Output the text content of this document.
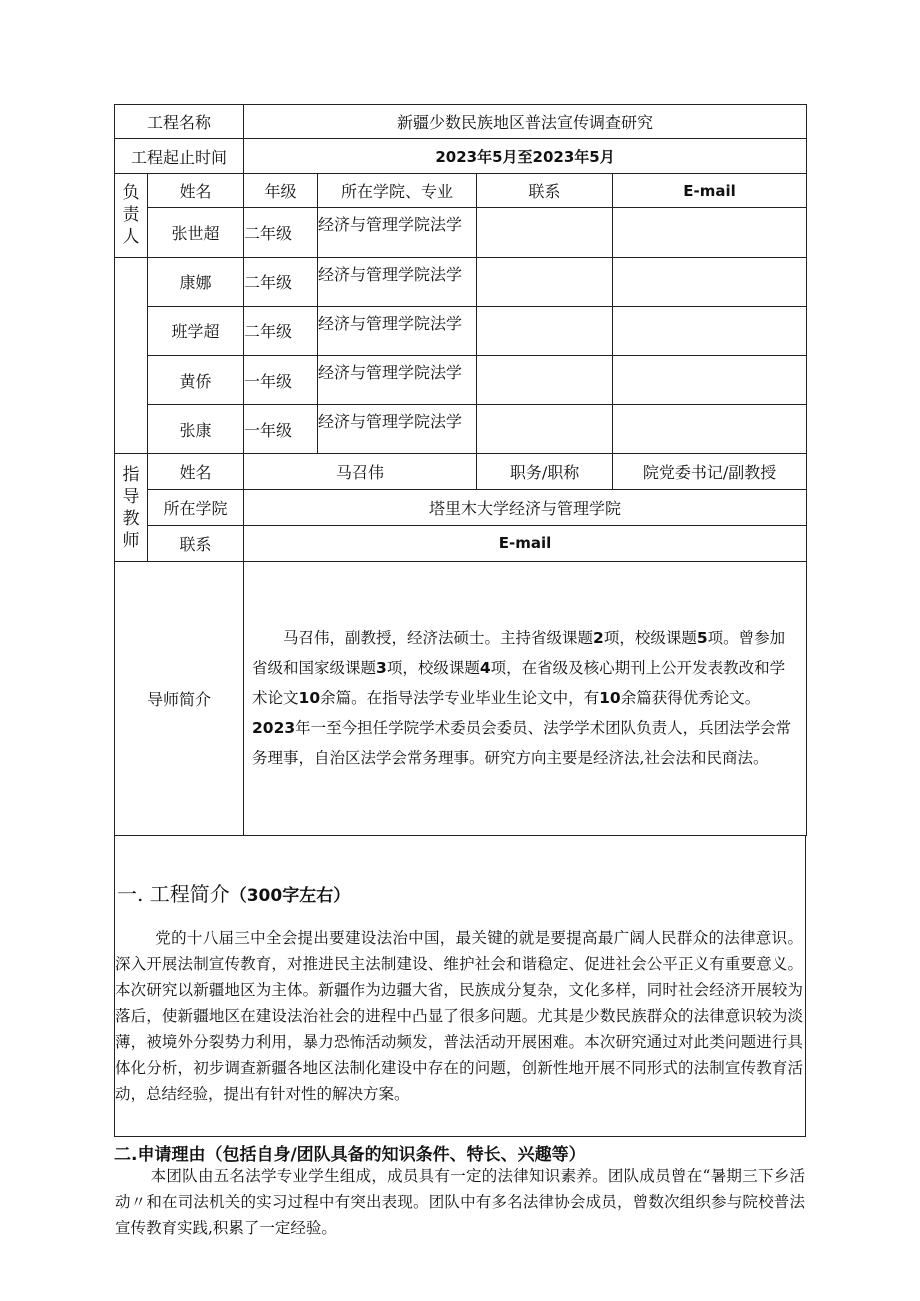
工程名称		新疆少数民族地区普法宣传调查研究			
工程起止时间		2023年5月至2023年5月			
负
责
人	姓名	年级	所在学院、专业	联系	E-mail
	张世超	二年级	经济与管理学院法学		
	康娜	二年级	经济与管理学院法学		
	班学超	二年级	经济与管理学院法学		
	黄侨	一年级	经济与管理学院法学		
	张康	一年级	经济与管理学院法学		
指
导
教
师	姓名	马召伟		职务/职称	院党委书记/副教授
	所在学院	塔里木大学经济与管理学院			
	联系	E-mail			
导师简介		马召伟，副教授，经济法硕士。主持省级课题2项，校级课题5项。曾参加省级和国家级课题3项，校级课题4项，在省级及核心期刊上公开发表教改和学术论文10余篇。在指导法学专业毕业生论文中，有10余篇获得优秀论文。2023年一至今担任学院学术委员会委员、法学学术团队负责人，兵团法学会常务理事，自治区法学会常务理事。研究方向主要是经济法,社会法和民商法。			
一. 工程简介（300字左右）
党的十八届三中全会提出要建设法治中国，最关键的就是要提高最广阔人民群众的法律意识。深入开展法制宣传教育，对推进民主法制建设、维护社会和谐稳定、促进社会公平正义有重要意义。本次研究以新疆地区为主体。新疆作为边疆大省，民族成分复杂，文化多样，同时社会经济开展较为落后，使新疆地区在建设法治社会的进程中凸显了很多问题。尤其是少数民族群众的法律意识较为淡薄，被境外分裂势力利用，暴力恐怖活动频发，普法活动开展困难。本次研究通过对此类问题进行具体化分析，初步调查新疆各地区法制化建设中存在的问题，创新性地开展不同形式的法制宣传教育活动，总结经验，提出有针对性的解决方案。
二.申请理由（包括自身/团队具备的知识条件、特长、兴趣等）
本团队由五名法学专业学生组成，成员具有一定的法律知识素养。团队成员曾在“暑期三下乡活动〃和在司法机关的实习过程中有突出表现。团队中有多名法律协会成员，曾数次组织参与院校普法宣传教育实践,积累了一定经验。
